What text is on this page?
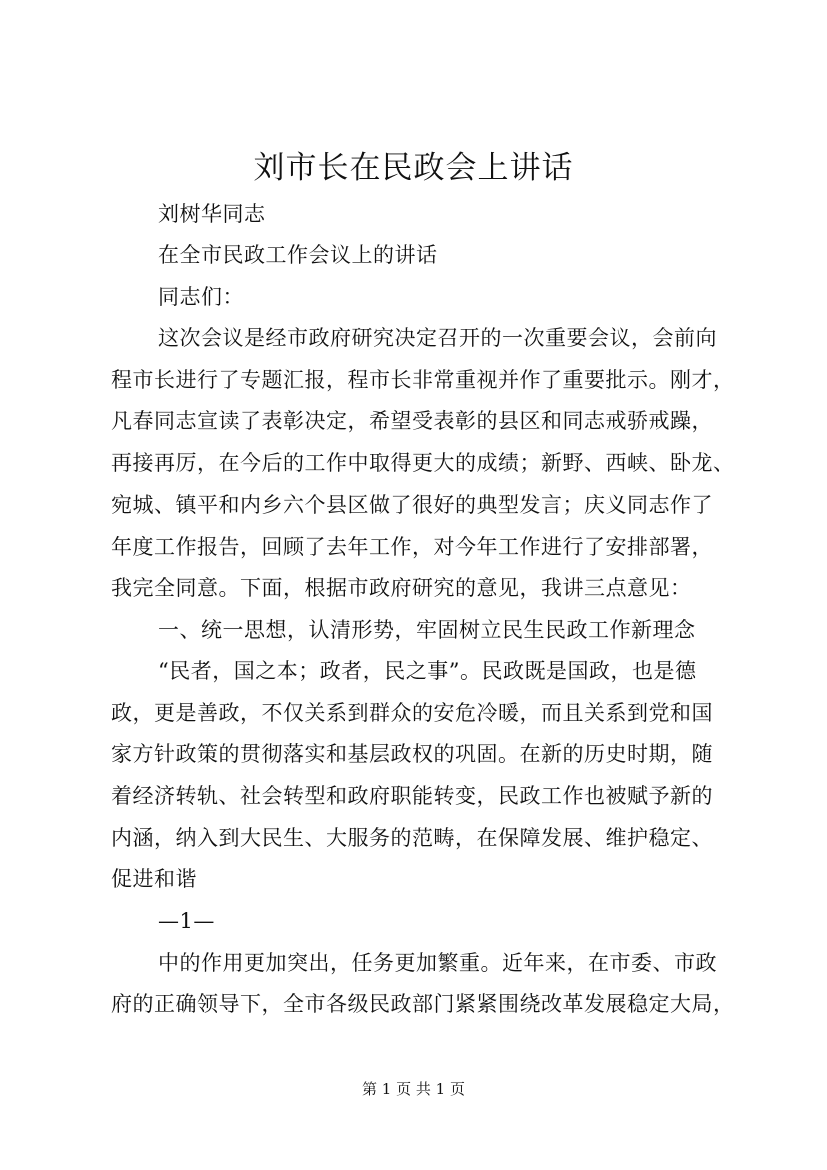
刘市长在民政会上讲话
刘树华同志
在全市民政工作会议上的讲话
同志们：
这次会议是经市政府研究决定召开的一次重要会议，会前向
程市长进行了专题汇报，程市长非常重视并作了重要批示。刚才，
凡春同志宣读了表彰决定，希望受表彰的县区和同志戒骄戒躁，
再接再厉，在今后的工作中取得更大的成绩；新野、西峡、卧龙、
宛城、镇平和内乡六个县区做了很好的典型发言；庆义同志作了
年度工作报告，回顾了去年工作，对今年工作进行了安排部署，
我完全同意。下面，根据市政府研究的意见，我讲三点意见：
一、统一思想，认清形势，牢固树立民生民政工作新理念
“民者，国之本；政者，民之事”。民政既是国政，也是德
政，更是善政，不仅关系到群众的安危冷暖，而且关系到党和国
家方针政策的贯彻落实和基层政权的巩固。在新的历史时期，随
着经济转轨、社会转型和政府职能转变，民政工作也被赋予新的
内涵，纳入到大民生、大服务的范畴，在保障发展、维护稳定、
促进和谐
—1—
中的作用更加突出，任务更加繁重。近年来，在市委、市政
府的正确领导下，全市各级民政部门紧紧围绕改革发展稳定大局，
第 1 页 共 1 页
